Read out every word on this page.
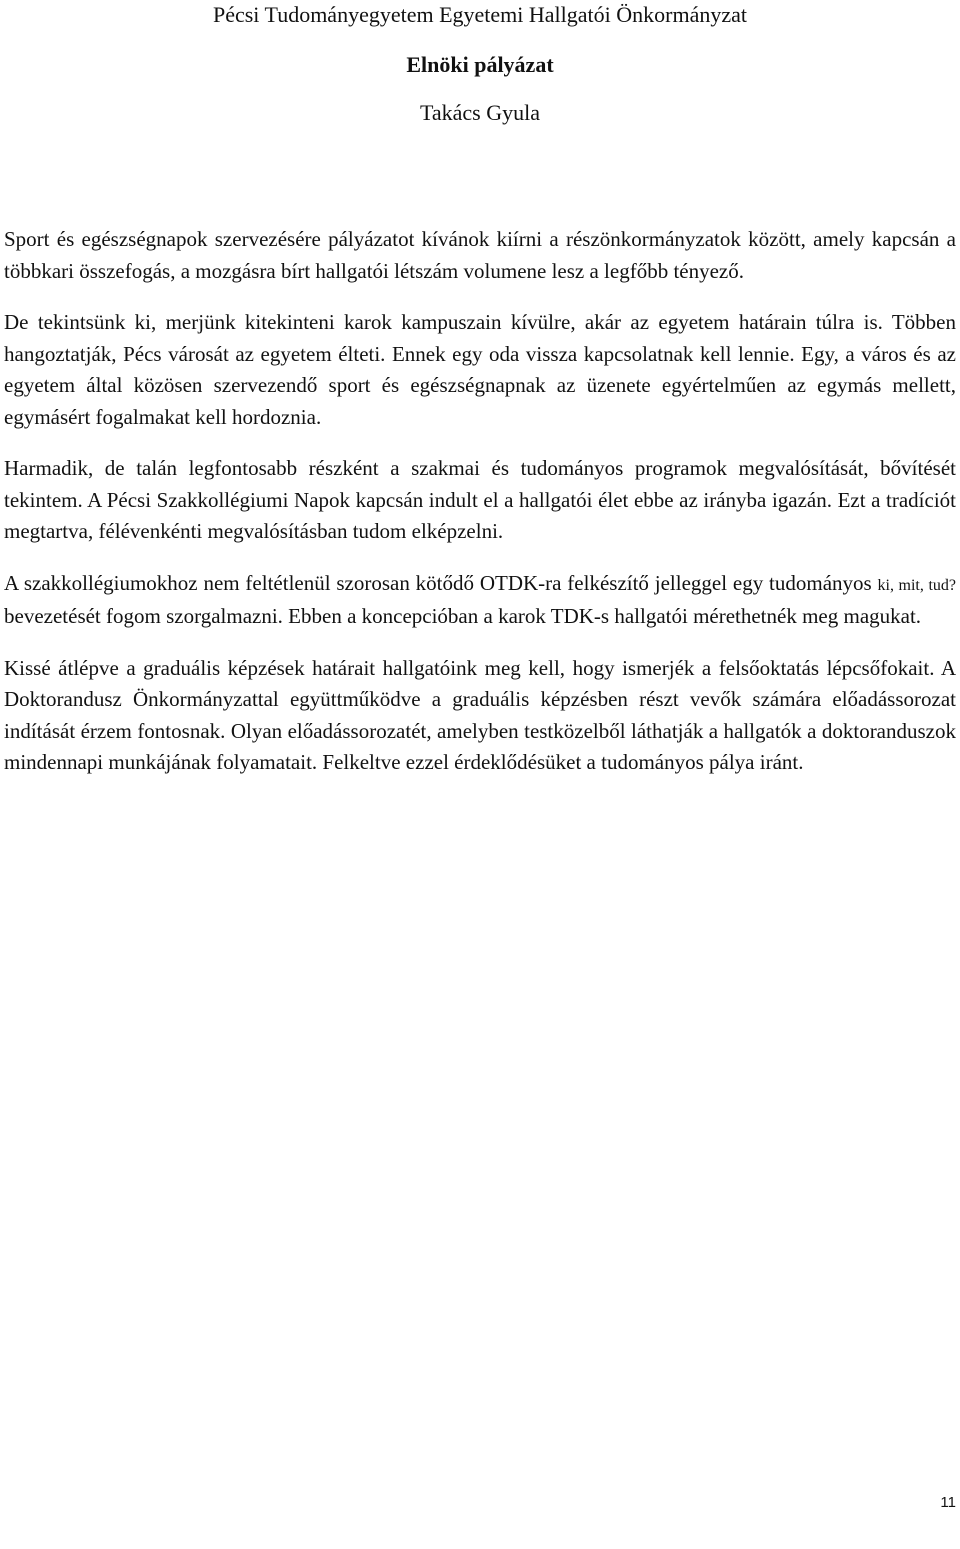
Pécsi Tudományegyetem Egyetemi Hallgatói Önkormányzat

Elnöki pályázat

Takács Gyula

Sport és egészségnapok szervezésére pályázatot kívánok kiírni a részönkormányzatok között, amely kapcsán a többkari összefogás, a mozgásra bírt hallgatói létszám volumene lesz a legfőbb tényező.

De tekintsünk ki, merjünk kitekinteni karok kampuszain kívülre, akár az egyetem határain túlra is. Többen hangoztatják, Pécs városát az egyetem élteti. Ennek egy oda vissza kapcsolatnak kell lennie. Egy, a város és az egyetem által közösen szervezendő sport és egészségnapnak az üzenete egyértelműen az egymás mellett, egymásért fogalmakat kell hordoznia.

Harmadik, de talán legfontosabb részként a szakmai és tudományos programok megvalósítását, bővítését tekintem. A Pécsi Szakkollégiumi Napok kapcsán indult el a hallgatói élet ebbe az irányba igazán. Ezt a tradíciót megtartva, félévenkénti megvalósításban tudom elképzelni.

A szakkollégiumokhoz nem feltétlenül szorosan kötődő OTDK-ra felkészítő jelleggel egy tudományos ki, mit, tud? bevezetését fogom szorgalmazni. Ebben a koncepcióban a karok TDK-s hallgatói mérethetnék meg magukat.

Kissé átlépve a graduális képzések határait hallgatóink meg kell, hogy ismerjék a felsőoktatás lépcsőfokait. A Doktorandusz Önkormányzattal együttműködve a graduális képzésben részt vevők számára előadássorozat indítását érzem fontosnak. Olyan előadássorozatét, amelyben testközelből láthatják a hallgatók a doktoranduszok mindennapi munkájának folyamatait. Felkeltve ezzel érdeklődésüket a tudományos pálya iránt.

11
